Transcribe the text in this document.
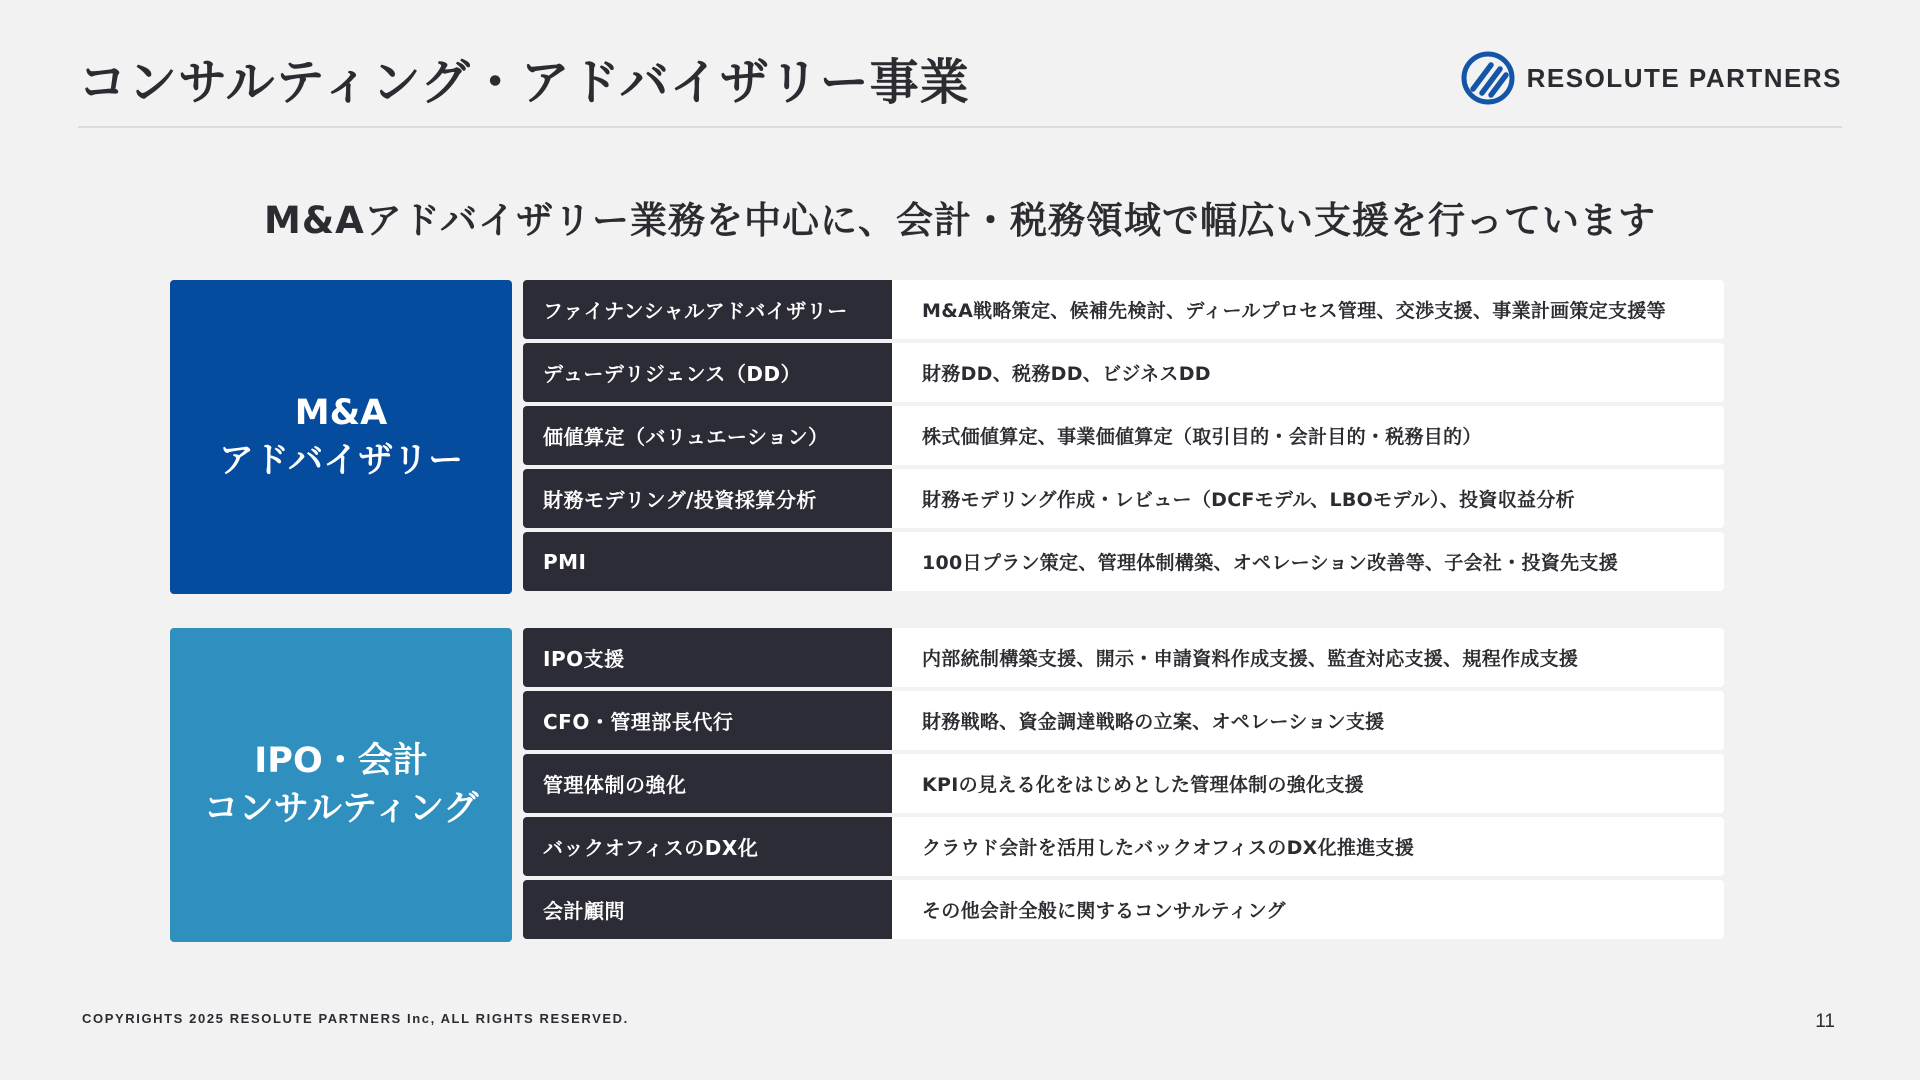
コンサルティング・アドバイザリー事業	RESOLUTE PARTNERS
M&Aアドバイザリー業務を中心に、会計・税務領域で幅広い支援を行っています
M&A
アドバイザリー
ファイナンシャルアドバイザリー	M&A戦略策定、候補先検討、ディールプロセス管理、交渉支援、事業計画策定支援等
デューデリジェンス（DD）	財務DD、税務DD、ビジネスDD
価値算定（バリュエーション）	株式価値算定、事業価値算定（取引目的・会計目的・税務目的）
財務モデリング/投資採算分析	財務モデリング作成・レビュー（DCFモデル、LBOモデル）、投資収益分析
PMI	100日プラン策定、管理体制構築、オペレーション改善等、子会社・投資先支援
IPO・会計
コンサルティング
IPO支援	内部統制構築支援、開示・申請資料作成支援、監査対応支援、規程作成支援
CFO・管理部長代行	財務戦略、資金調達戦略の立案、オペレーション支援
管理体制の強化	KPIの見える化をはじめとした管理体制の強化支援
バックオフィスのDX化	クラウド会計を活用したバックオフィスのDX化推進支援
会計顧問	その他会計全般に関するコンサルティング
COPYRIGHTS 2025 RESOLUTE PARTNERS Inc, ALL RIGHTS RESERVED.	11
